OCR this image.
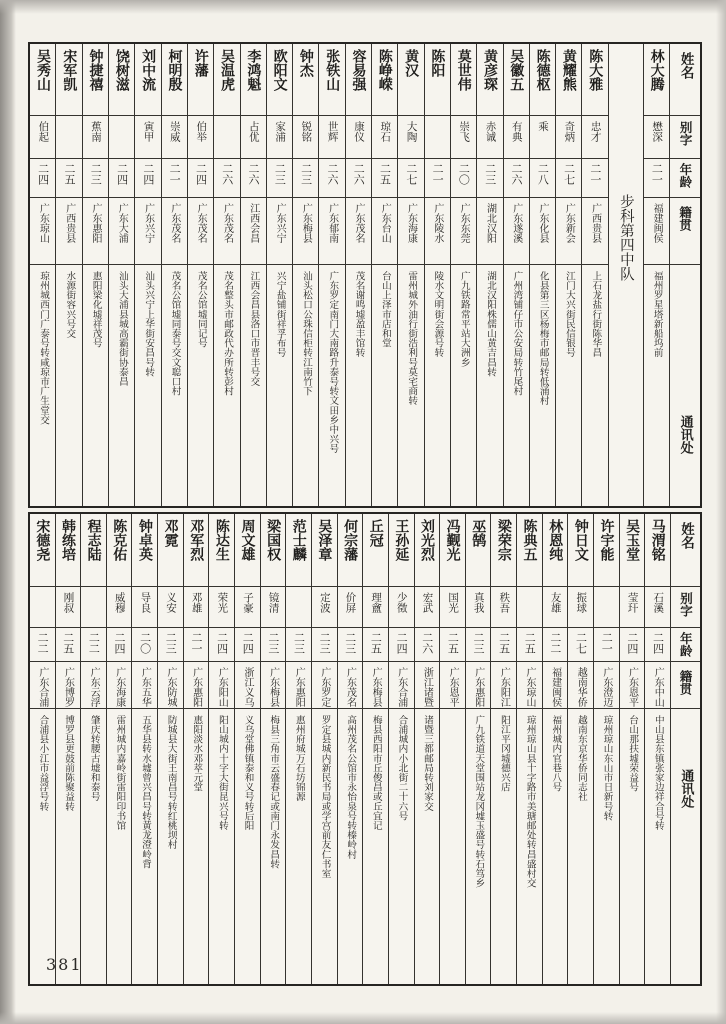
姓名
别字
年龄
籍贯
通讯处
林大腾
懋深
二一
福建闽侯
福州罗星塔新船坞前
步科第四中队
陈大雅
忠才
二一
广西贵县
上石龙盐行街陈华昌
黄耀熊
奇炳
二七
广东新会
江门大兴街民信银号
陈德枢
乘
二八
广东化县
化县第三区杨梅市邮局转低涌村
吴徽五
有典
二六
广东遂溪
广州湾铺仔市公安局转竹尾村
黄彦琛
赤诚
二三
湖北汉阳
湖北汉阳株儒山黄吉昌转
莫世伟
崇飞
二〇
广东东莞
广九铁路常平站大洲乡
陈阳
二一
广东陵水
陵水文明街会源号转
黄汉
大陶
二七
广东海康
雷州城外油行街浩利号莫宅商转
陈峥嵘
琼石
二五
广东台山
台山上泽市店和堂
容易强
康仪
二六
广东茂名
茂名谢鸣墟盈丰馆转
张铁山
世辉
二六
广东郁南
广东罗定南门大南路升泰号转文田乡中兴号
钟杰
锐铭
二三
广东梅县
汕头松口公珠信柜转江南竹下
欧阳文
家浦
二三
广东兴宁
兴宁盐铺街祥孚布号
李鸿魁
占优
二六
江西会昌
江西会昌县洛口市晋丰号交
吴温虎
二六
广东茂名
茂名整头市邮政代办所转彭村
许藩
伯举
二四
广东茂名
茂名公馆墟同记号
柯明殷
崇威
二一
广东茂名
茂名公馆墟同泰号交文聪口村
刘中流
寅甲
二四
广东兴宁
汕头兴宁上华街安昌号转
饶树滋
二四
广东大浦
汕头大浦县城高霸街协泰昌
钟捷禧
蕉南
二三
广东惠阳
惠阳梁化墟祥茂号
宋军凯
二五
广西贵县
水源街容兴号交
吴秀山
伯起
二四
广东琼山
琼州城西门广泰号转咸琼市广生堂交
姓名
别字
年龄
籍贯
通讯处
马渭铭
石溪
二四
广东中山
中山县东镇张家边祥合号转
吴玉堂
莹玕
二四
广东恩平
台山那扶墟荣益号
许宇能
二一
广东澄迈
琼州琼山东山市日新号转
钟日文
振球
二七
越南华侨
越南东京华侨同志社
林恩纯
友雄
二二
福建闽侯
福州城内官巷八号
陈典五
二五
广东琼山
琼州琼山县十字路市美瑭邮处转昌盛村交
梁荣宗
秩吾
二五
广东阳江
阳江平冈墟德兴店
巫鹄
真我
二三
广东惠阳
广九铁道天堂围站龙冈墟玉盛号转石笃乡
冯觐光
国光
二五
广东恩平
刘光烈
宏武
二六
浙江诸暨
诸暨三都邮局转刘家交
王孙延
少徵
二四
广东合浦
合浦城内小北街二十六号
丘冠
理盦
二五
广东梅县
梅县西阳市丘俊昌或丘宜记
何宗藩
价屏
二三
广东茂名
高州茂名公馆市永怡泉号转榛岭村
吴泽章
定波
二三
广东罗定
罗定县城内新民书局或学宫前友仁书室
范士麟
二三
广东惠阳
惠州府城万石坊锦源
梁国权
镜清
二三
广东梅县
梅县三角市云盛春记或南门永发昌转
周文雄
子豪
二四
浙江义乌
义乌堂佛镇泰和义号转后阳
陈达生
荣光
二四
广东阳山
阳山城内十字大街昆兴号转
邓军烈
邓雄
二一
广东惠阳
惠阳淡水邓萃元堂
邓霓
义安
二三
广东防城
防城县大街王南昌号转红桃坝村
钟卓英
导良
二〇
广东五华
五华县转水墟曾兴昌号转黄龙澄岭背
陈克佑
威穆
二四
广东海康
雷州城内嘉岭街雷阳印书馆
程志陆
二二
广东云浮
肇庆转腰古墟和泰号
韩练培
刚叔
二五
广东博罗
博罗县更鼓前陈聚益转
宋德尧
二二
广东合浦
合浦县小江市益浮号转
381
